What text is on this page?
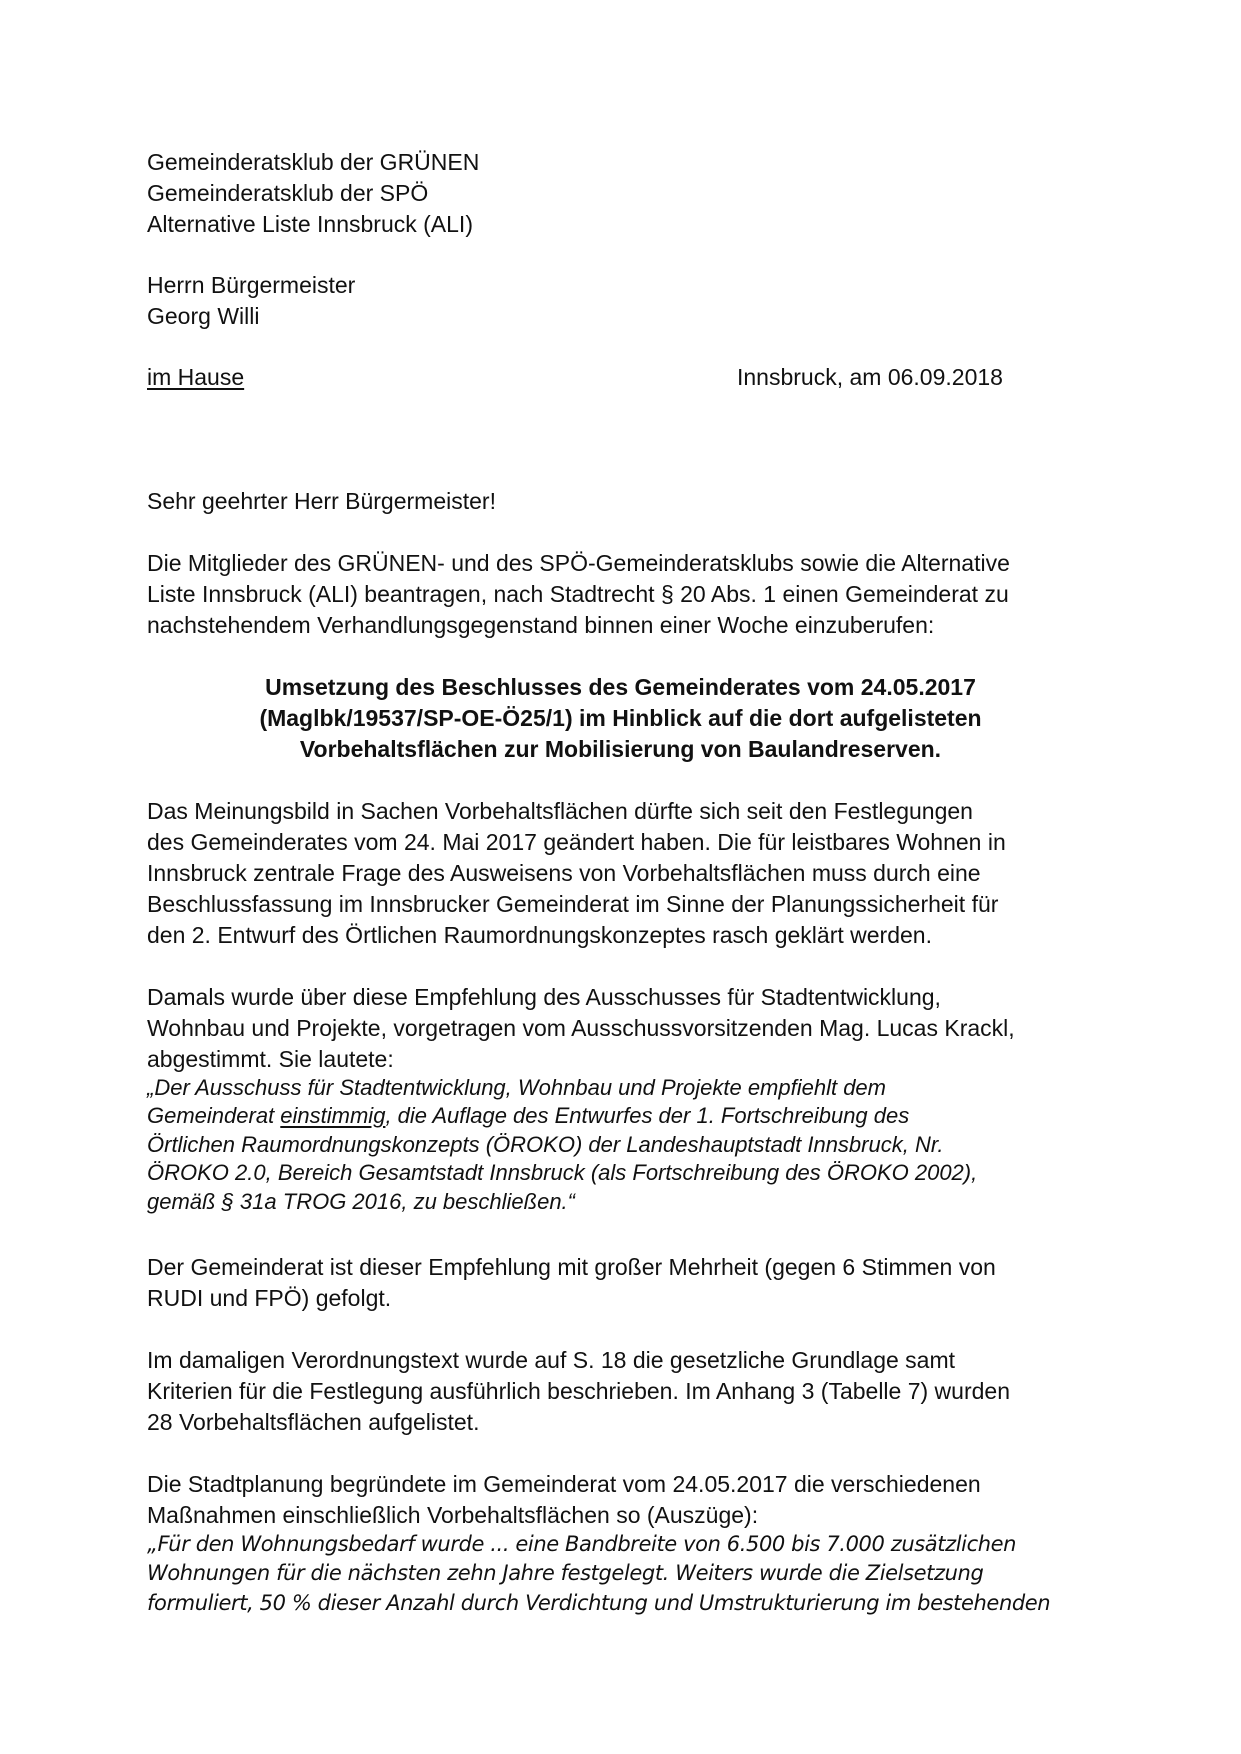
Gemeinderatsklub der GRÜNEN
Gemeinderatsklub der SPÖ
Alternative Liste Innsbruck (ALI)
Herrn Bürgermeister
Georg Willi
im Hause	Innsbruck, am 06.09.2018
Sehr geehrter Herr Bürgermeister!
Die Mitglieder des GRÜNEN- und des SPÖ-Gemeinderatsklubs sowie die Alternative
Liste Innsbruck (ALI) beantragen, nach Stadtrecht § 20 Abs. 1 einen Gemeinderat zu
nachstehendem Verhandlungsgegenstand binnen einer Woche einzuberufen:
Umsetzung des Beschlusses des Gemeinderates vom 24.05.2017
(Maglbk/19537/SP-OE-Ö25/1) im Hinblick auf die dort aufgelisteten
Vorbehaltsflächen zur Mobilisierung von Baulandreserven.
Das Meinungsbild in Sachen Vorbehaltsflächen dürfte sich seit den Festlegungen
des Gemeinderates vom 24. Mai 2017 geändert haben. Die für leistbares Wohnen in
Innsbruck zentrale Frage des Ausweisens von Vorbehaltsflächen muss durch eine
Beschlussfassung im Innsbrucker Gemeinderat im Sinne der Planungssicherheit für
den 2. Entwurf des Örtlichen Raumordnungskonzeptes rasch geklärt werden.
Damals wurde über diese Empfehlung des Ausschusses für Stadtentwicklung,
Wohnbau und Projekte, vorgetragen vom Ausschussvorsitzenden Mag. Lucas Krackl,
abgestimmt. Sie lautete:
„Der Ausschuss für Stadtentwicklung, Wohnbau und Projekte empfiehlt dem
Gemeinderat einstimmig, die Auflage des Entwurfes der 1. Fortschreibung des
Örtlichen Raumordnungskonzepts (ÖROKO) der Landeshauptstadt Innsbruck, Nr.
ÖROKO 2.0, Bereich Gesamtstadt Innsbruck (als Fortschreibung des ÖROKO 2002),
gemäß § 31a TROG 2016, zu beschließen.“
Der Gemeinderat ist dieser Empfehlung mit großer Mehrheit (gegen 6 Stimmen von
RUDI und FPÖ) gefolgt.
Im damaligen Verordnungstext wurde auf S. 18 die gesetzliche Grundlage samt
Kriterien für die Festlegung ausführlich beschrieben. Im Anhang 3 (Tabelle 7) wurden
28 Vorbehaltsflächen aufgelistet.
Die Stadtplanung begründete im Gemeinderat vom 24.05.2017 die verschiedenen
Maßnahmen einschließlich Vorbehaltsflächen so (Auszüge):
„Für den Wohnungsbedarf wurde ... eine Bandbreite von 6.500 bis 7.000 zusätzlichen
Wohnungen für die nächsten zehn Jahre festgelegt. Weiters wurde die Zielsetzung
formuliert, 50 % dieser Anzahl durch Verdichtung und Umstrukturierung im bestehenden
